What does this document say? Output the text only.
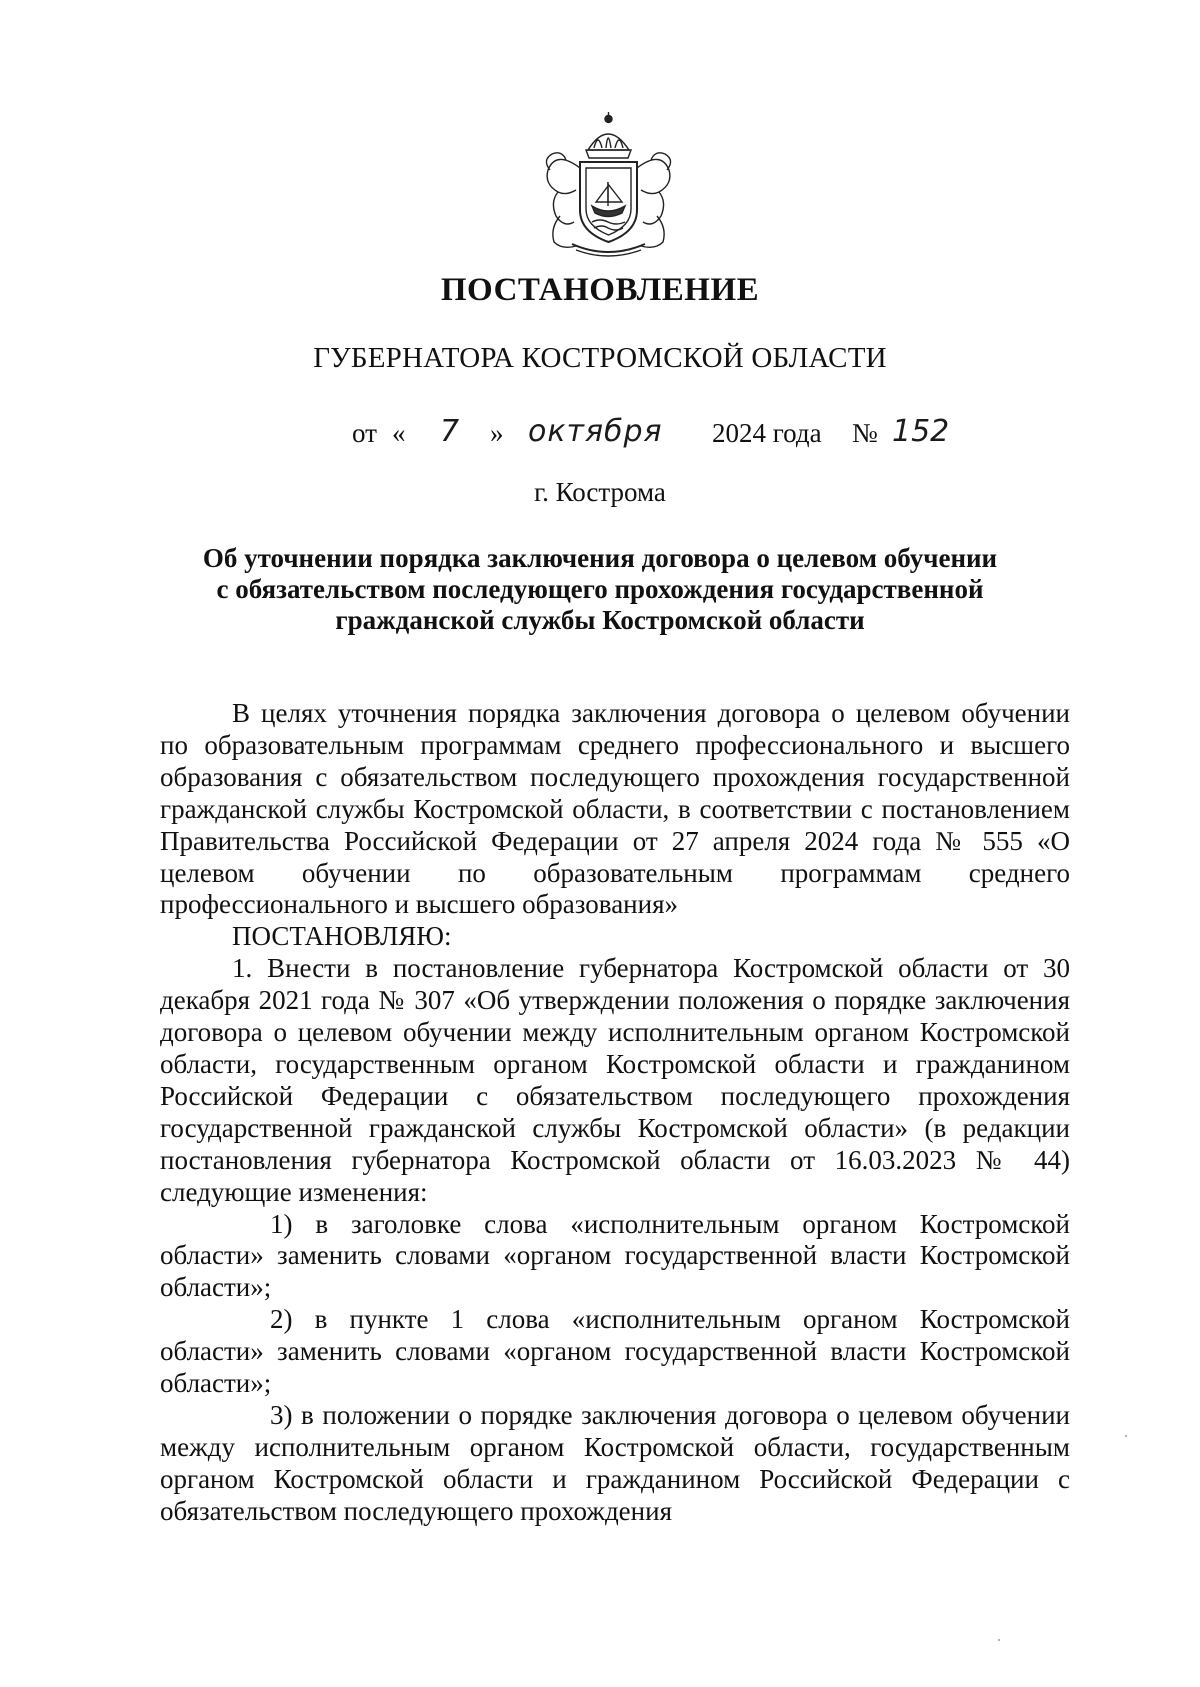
ПОСТАНОВЛЕНИЕ
ГУБЕРНАТОРА КОСТРОМСКОЙ ОБЛАСТИ
от « 7 » октября 2024 года № 152
г. Кострома
Об уточнении порядка заключения договора о целевом обучении
с обязательством последующего прохождения государственной
гражданской службы Костромской области

В целях уточнения порядка заключения договора о целевом обучении по образовательным программам среднего профессионального и высшего образования с обязательством последующего прохождения государственной гражданской службы Костромской области, в соответствии с постановлением Правительства Российской Федерации от 27 апреля 2024 года № 555 «О целевом обучении по образовательным программам среднего профессионального и высшего образования»

ПОСТАНОВЛЯЮ:

1. Внести в постановление губернатора Костромской области от 30 декабря 2021 года № 307 «Об утверждении положения о порядке заключения договора о целевом обучении между исполнительным органом Костромской области, государственным органом Костромской области и гражданином Российской Федерации с обязательством последующего прохождения государственной гражданской службы Костромской области» (в редакции постановления губернатора Костромской области от 16.03.2023 № 44) следующие изменения:

1) в заголовке слова «исполнительным органом Костромской области» заменить словами «органом государственной власти Костромской области»;

2) в пункте 1 слова «исполнительным органом Костромской области» заменить словами «органом государственной власти Костромской области»;

3) в положении о порядке заключения договора о целевом обучении между исполнительным органом Костромской области, государственным органом Костромской области и гражданином Российской Федерации с обязательством последующего прохождения
